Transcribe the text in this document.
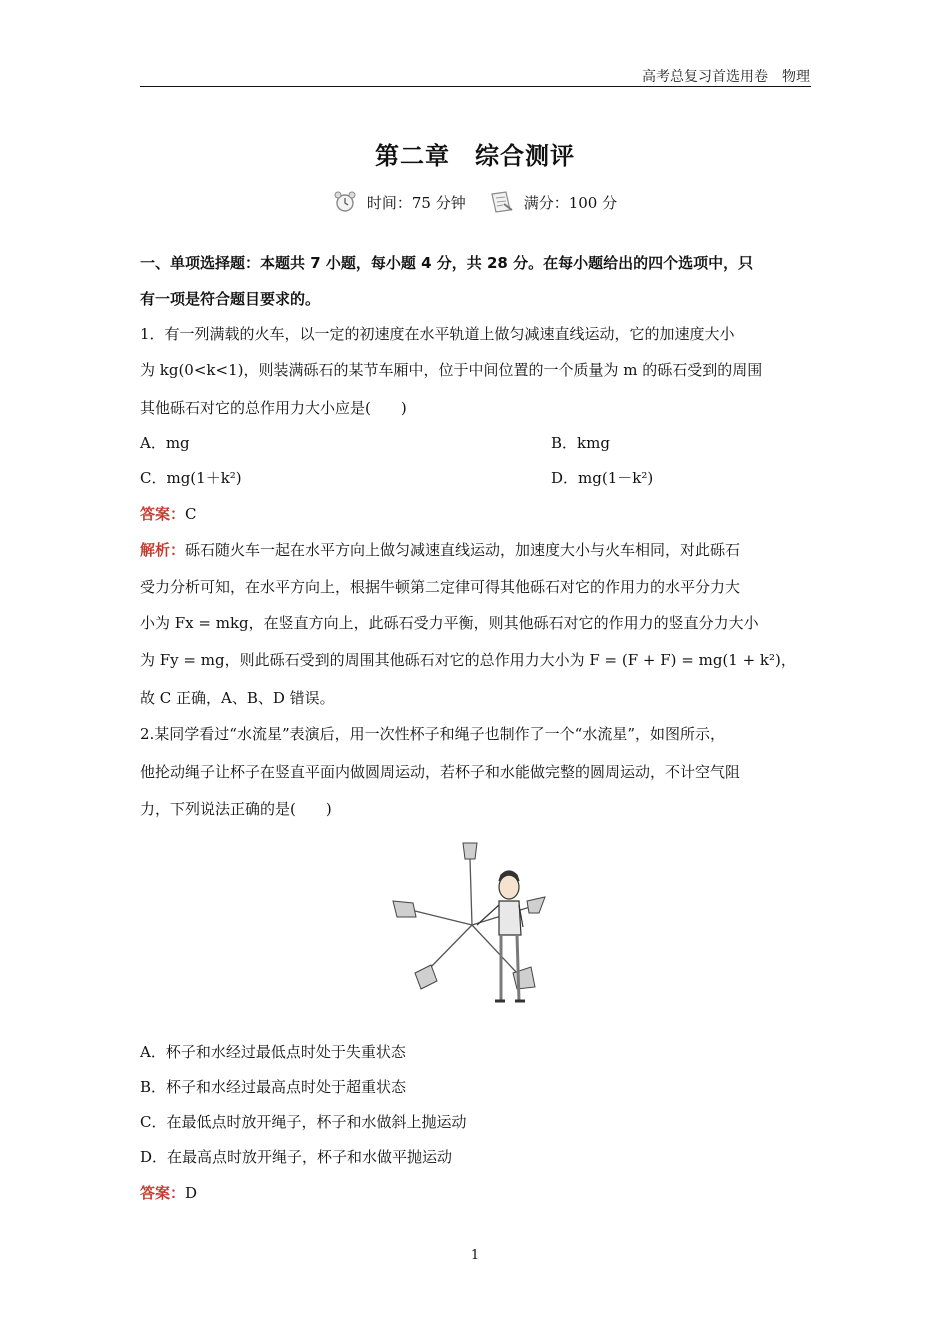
高考总复习首选用卷　物理
第二章　综合测评
时间：75 分钟	满分：100 分
一、单项选择题：本题共 7 小题，每小题 4 分，共 28 分。在每小题给出的四个选项中，只
有一项是符合题目要求的。
1．有一列满载的火车，以一定的初速度在水平轨道上做匀减速直线运动，它的加速度大小
为 kg(0<k<1)，则装满砾石的某节车厢中，位于中间位置的一个质量为 m 的砾石受到的周围
其他砾石对它的总作用力大小应是(　　)
A．mg	B．kmg
C．mg(1＋k²)	D．mg(1－k²)
答案：C
解析：砾石随火车一起在水平方向上做匀减速直线运动，加速度大小与火车相同，对此砾石
受力分析可知，在水平方向上，根据牛顿第二定律可得其他砾石对它的作用力的水平分力大
小为 Fx = mkg，在竖直方向上，此砾石受力平衡，则其他砾石对它的作用力的竖直分力大小
为 Fy = mg，则此砾石受到的周围其他砾石对它的总作用力大小为 F = (F + F) = mg(1 + k²)，
故 C 正确，A、B、D 错误。
2.某同学看过“水流星”表演后，用一次性杯子和绳子也制作了一个“水流星”，如图所示，
他抡动绳子让杯子在竖直平面内做圆周运动，若杯子和水能做完整的圆周运动，不计空气阻
力，下列说法正确的是(　　)
A．杯子和水经过最低点时处于失重状态
B．杯子和水经过最高点时处于超重状态
C．在最低点时放开绳子，杯子和水做斜上抛运动
D．在最高点时放开绳子，杯子和水做平抛运动
答案：D
1
